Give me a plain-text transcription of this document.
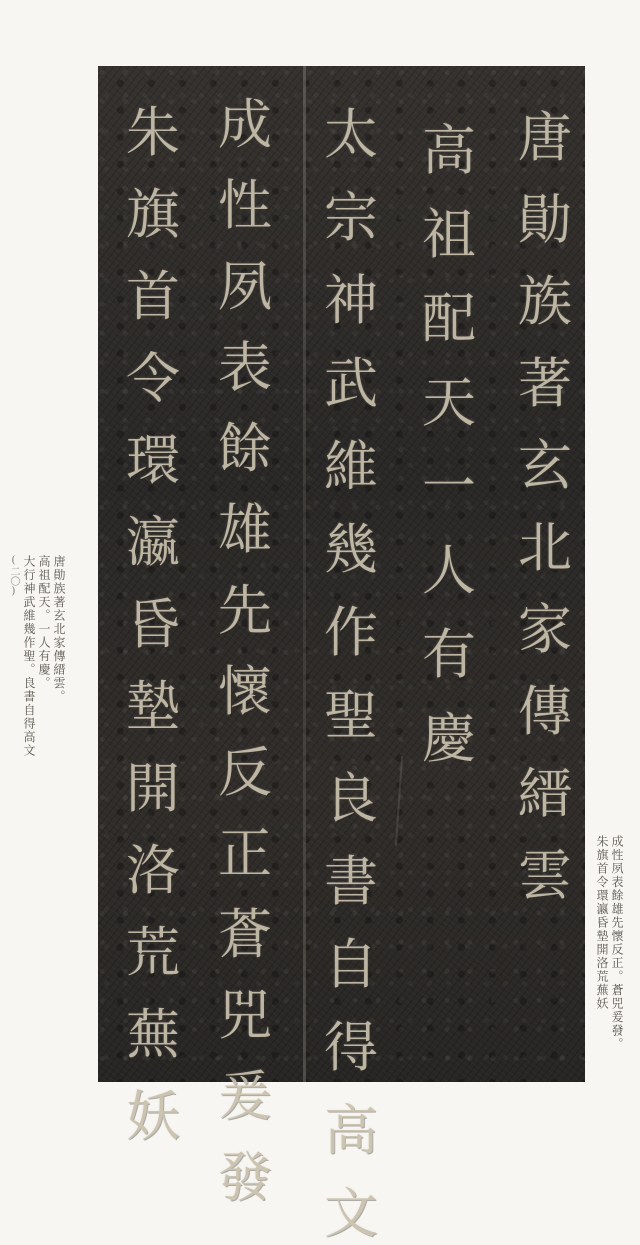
唐
勛
族
著
玄
北
家
傳
縉
雲
高
祖
配
天
一
人
有
慶
太
宗
神
武
維
幾
作
聖
良
書
自
得
高
文
成
性
夙
表
餘
雄
先
懷
反
正
蒼
兕
爰
發
朱
旗
首
令
環
瀛
昏
墊
開
洛
荒
蕪
妖
唐勛族著玄北家傳縉雲。
高祖配天。一人有慶。
大行神武維幾作聖。良書自得高文
(二〇)
成性夙表餘雄先懷反正。蒼兕爰發。
朱旗首令環瀛昏墊開洛荒蕪妖
